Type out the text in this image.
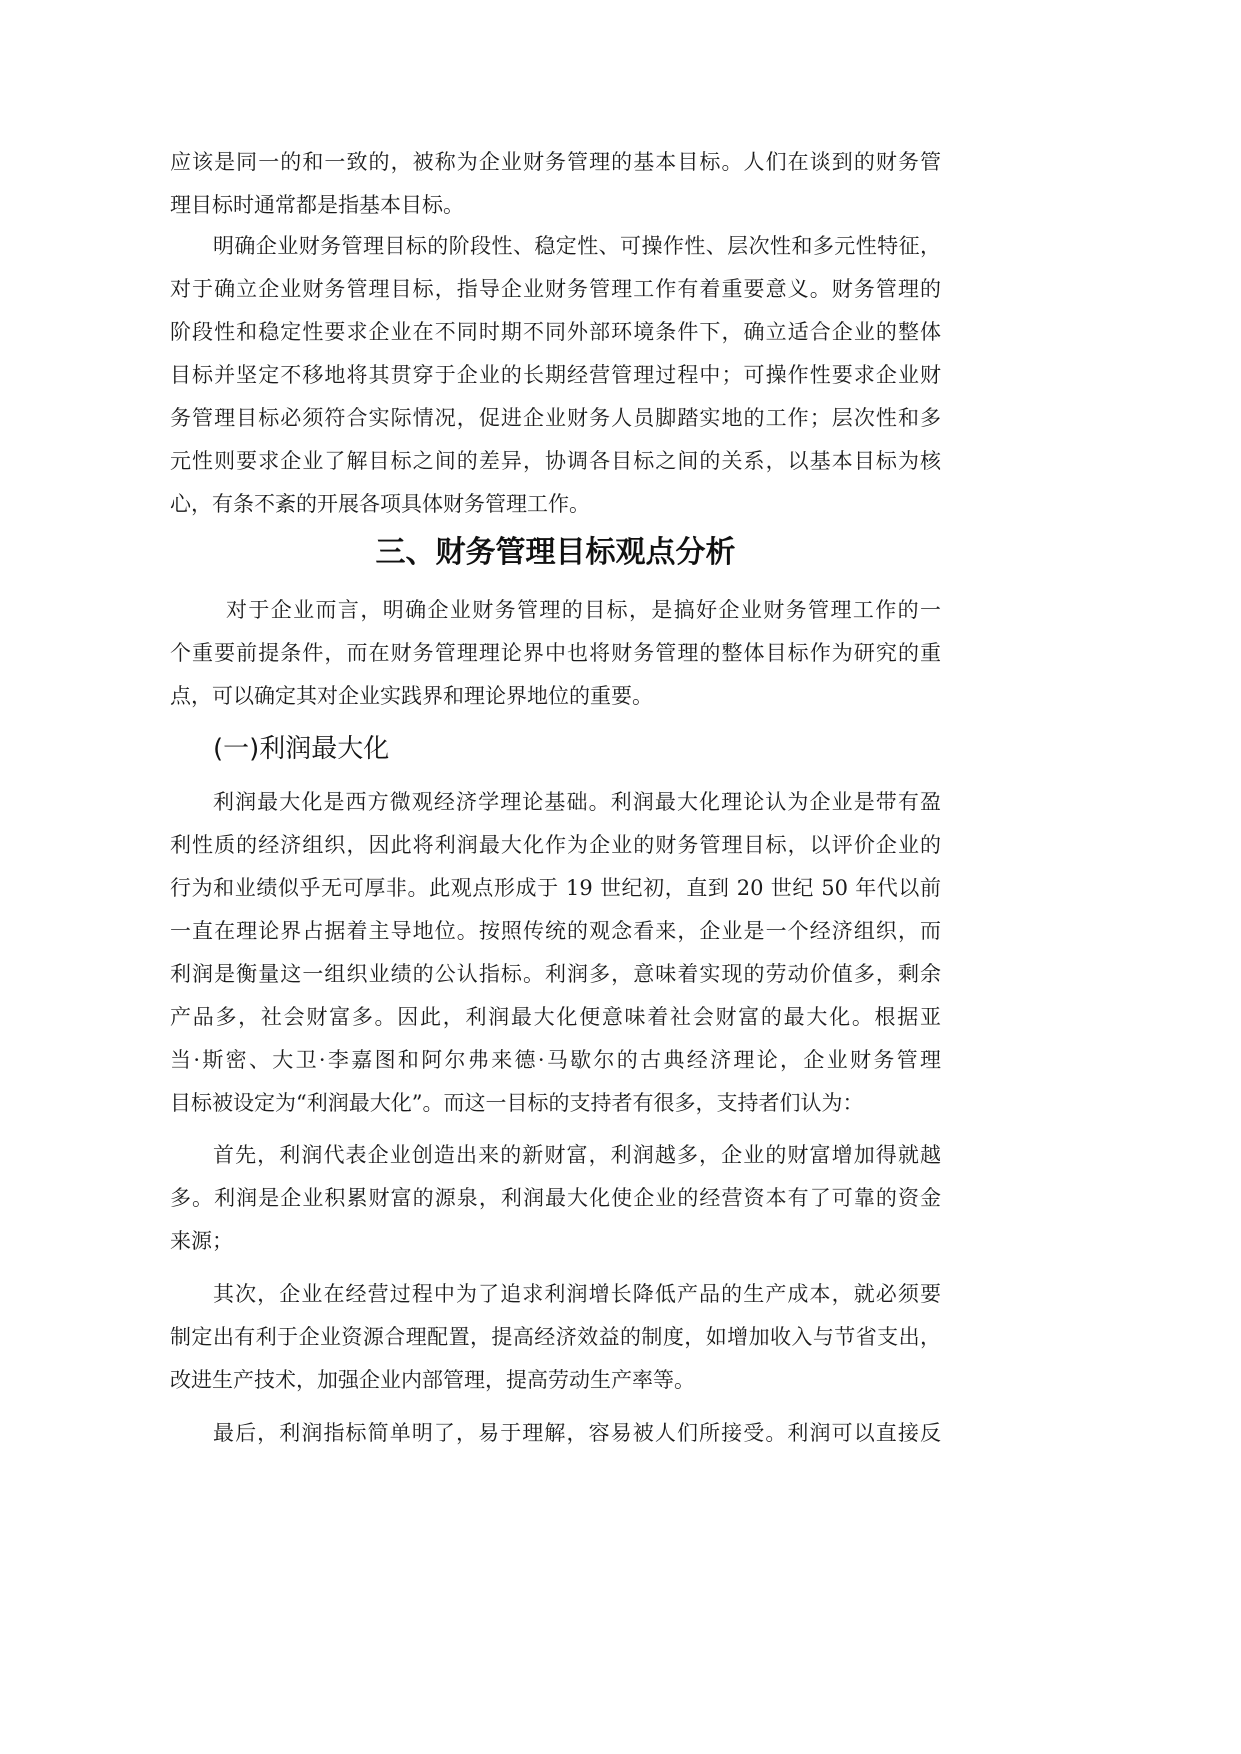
应该是同一的和一致的，被称为企业财务管理的基本目标。人们在谈到的财务管
理目标时通常都是指基本目标。
明确企业财务管理目标的阶段性、稳定性、可操作性、层次性和多元性特征，
对于确立企业财务管理目标，指导企业财务管理工作有着重要意义。财务管理的
阶段性和稳定性要求企业在不同时期不同外部环境条件下，确立适合企业的整体
目标并坚定不移地将其贯穿于企业的长期经营管理过程中；可操作性要求企业财
务管理目标必须符合实际情况，促进企业财务人员脚踏实地的工作；层次性和多
元性则要求企业了解目标之间的差异，协调各目标之间的关系，以基本目标为核
心，有条不紊的开展各项具体财务管理工作。
三、财务管理目标观点分析
对于企业而言，明确企业财务管理的目标，是搞好企业财务管理工作的一
个重要前提条件，而在财务管理理论界中也将财务管理的整体目标作为研究的重
点，可以确定其对企业实践界和理论界地位的重要。
(一)利润最大化
利润最大化是西方微观经济学理论基础。利润最大化理论认为企业是带有盈
利性质的经济组织，因此将利润最大化作为企业的财务管理目标，以评价企业的
行为和业绩似乎无可厚非。此观点形成于 19 世纪初，直到 20 世纪 50 年代以前
一直在理论界占据着主导地位。按照传统的观念看来，企业是一个经济组织，而
利润是衡量这一组织业绩的公认指标。利润多，意味着实现的劳动价值多，剩余
产品多，社会财富多。因此，利润最大化便意味着社会财富的最大化。根据亚
当·斯密、大卫·李嘉图和阿尔弗来德·马歇尔的古典经济理论，企业财务管理
目标被设定为“利润最大化”。而这一目标的支持者有很多，支持者们认为：
首先，利润代表企业创造出来的新财富，利润越多，企业的财富增加得就越
多。利润是企业积累财富的源泉，利润最大化使企业的经营资本有了可靠的资金
来源；
其次，企业在经营过程中为了追求利润增长降低产品的生产成本，就必须要
制定出有利于企业资源合理配置，提高经济效益的制度，如增加收入与节省支出，
改进生产技术，加强企业内部管理，提高劳动生产率等。
最后，利润指标简单明了，易于理解，容易被人们所接受。利润可以直接反
